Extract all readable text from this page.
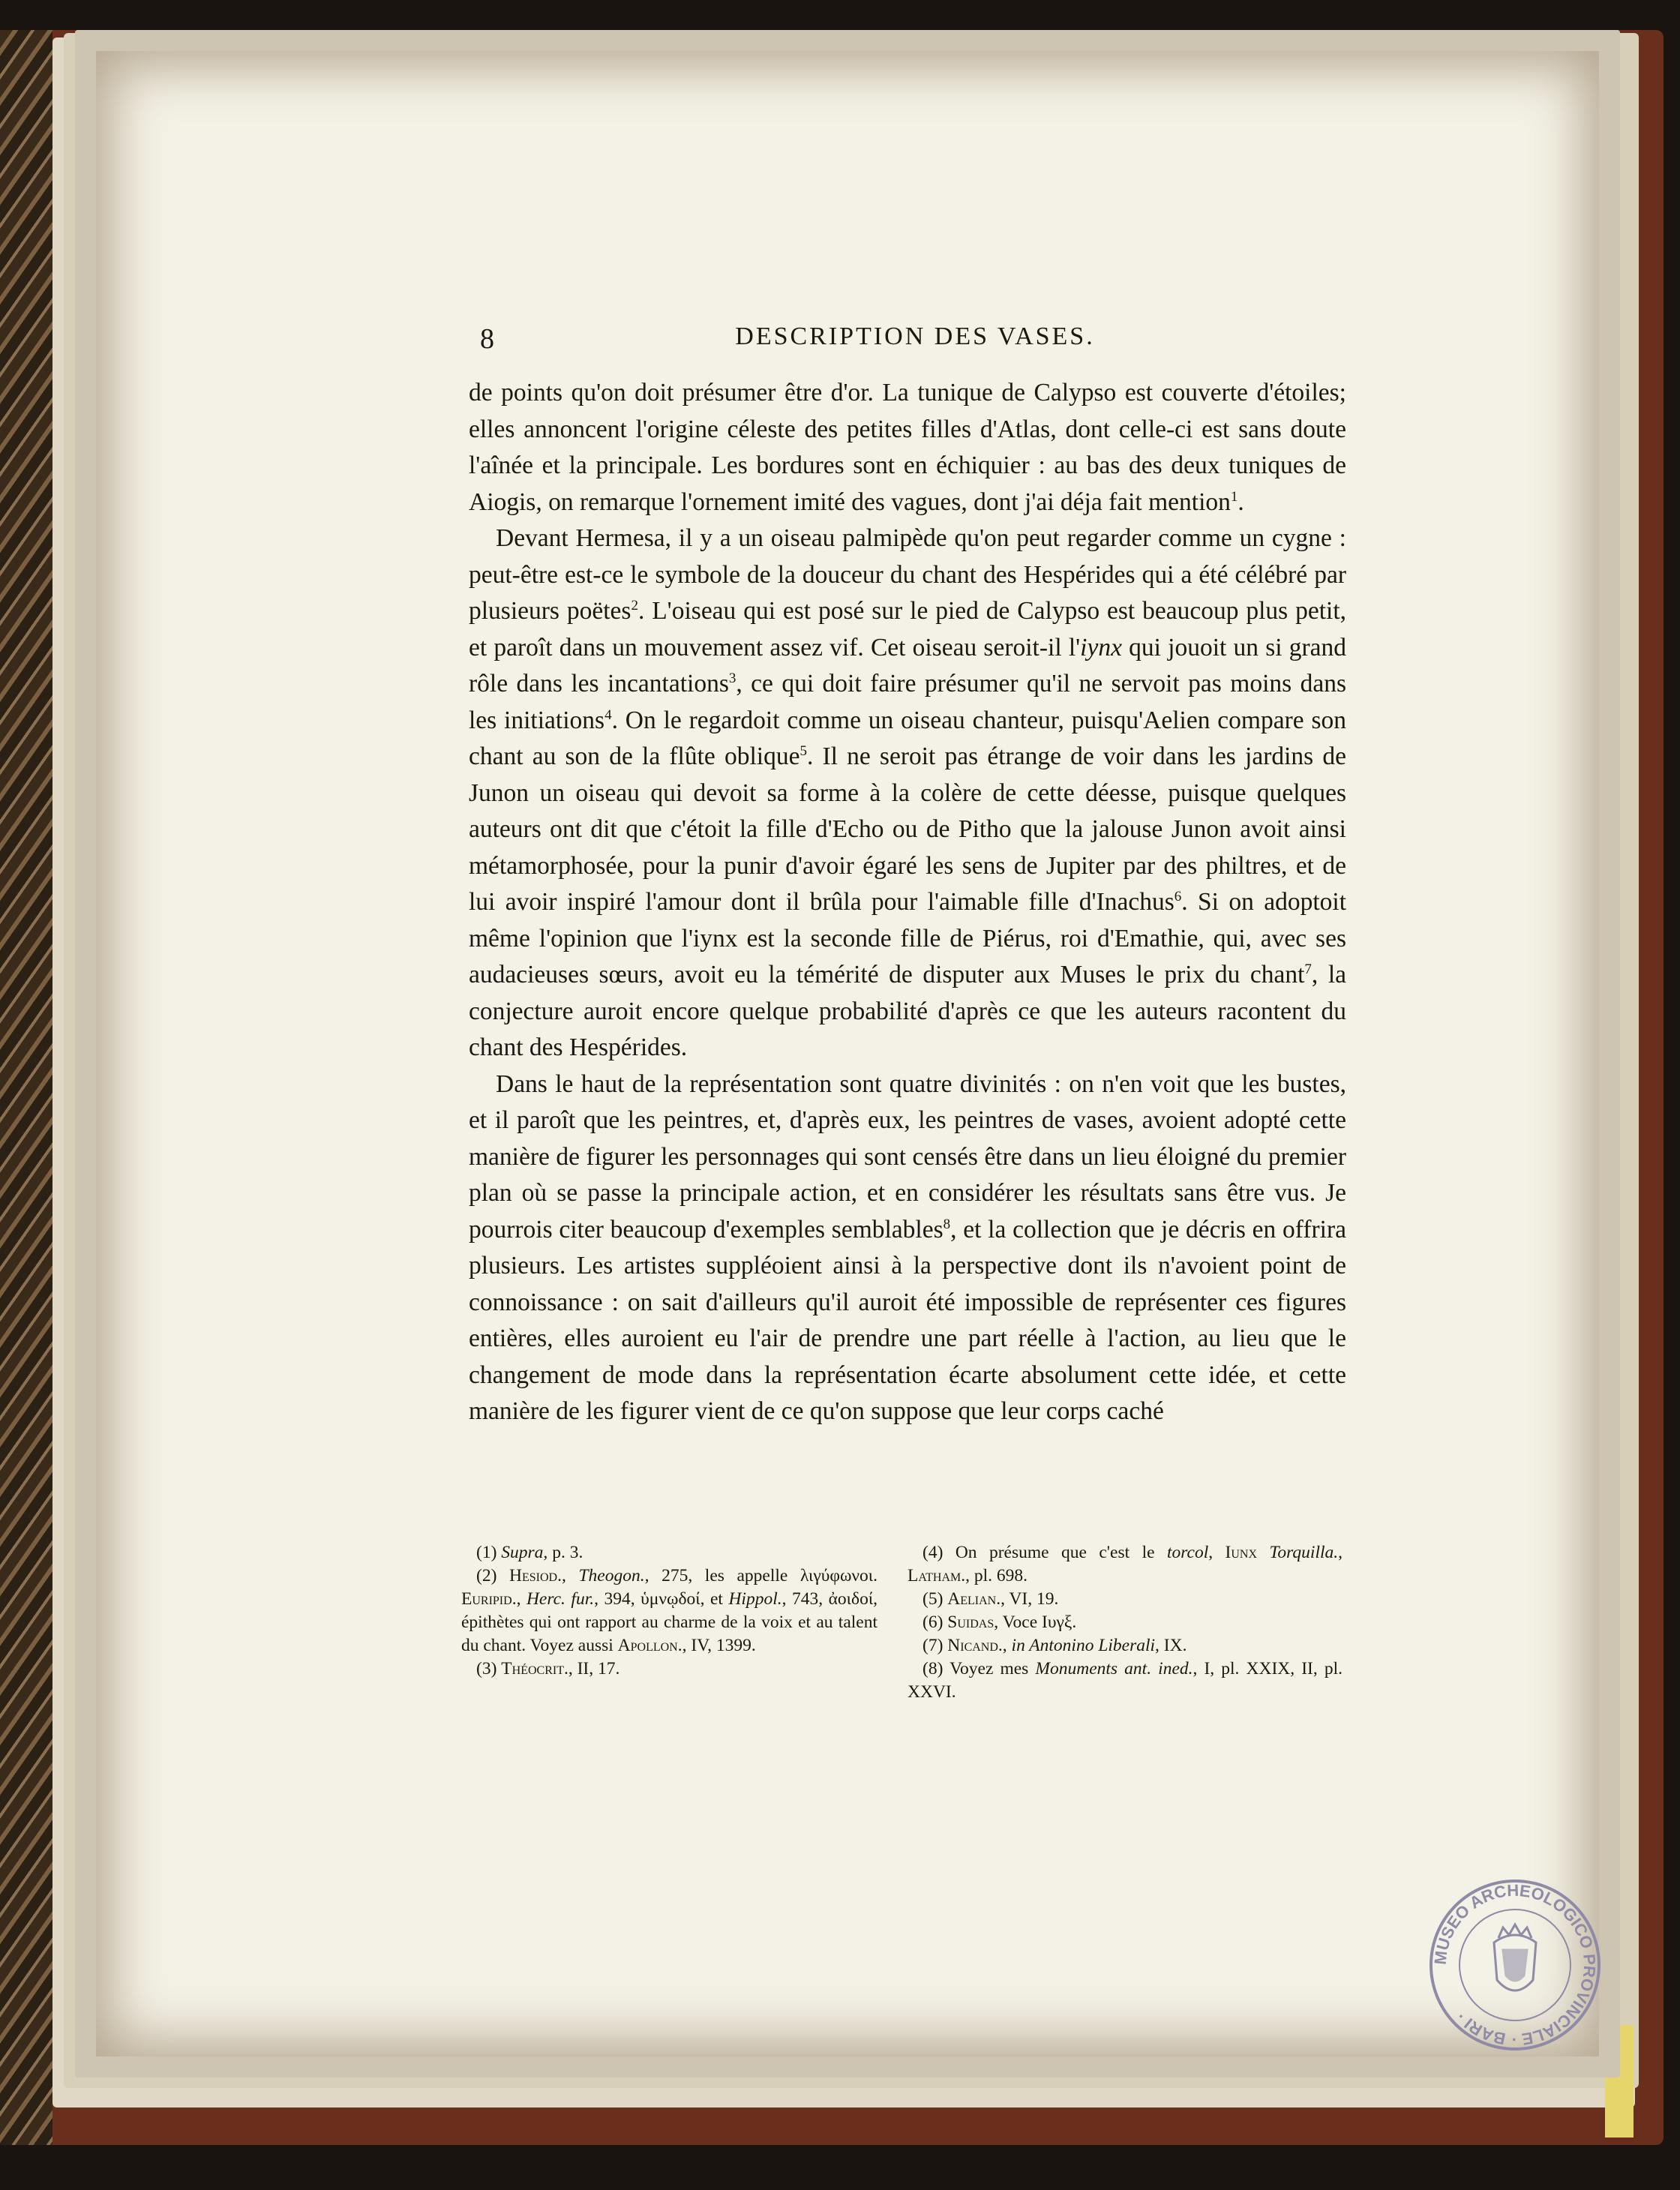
8	DESCRIPTION DES VASES.

de points qu'on doit présumer être d'or. La tunique de Calypso est couverte d'étoiles; elles annoncent l'origine céleste des petites filles d'Atlas, dont celle-ci est sans doute l'aînée et la principale. Les bordures sont en échiquier : au bas des deux tuniques de Aiogis, on remarque l'ornement imité des vagues, dont j'ai déja fait mention$^1$.

Devant Hermesa, il y a un oiseau palmipède qu'on peut regarder comme un cygne : peut-être est-ce le symbole de la douceur du chant des Hespérides qui a été célébré par plusieurs poëtes$^2$. L'oiseau qui est posé sur le pied de Calypso est beaucoup plus petit, et paroît dans un mouvement assez vif. Cet oiseau seroit-il l'iynx qui jouoit un si grand rôle dans les incantations$^3$, ce qui doit faire présumer qu'il ne servoit pas moins dans les initiations$^4$. On le regardoit comme un oiseau chanteur, puisqu'Aelien compare son chant au son de la flûte oblique$^5$. Il ne seroit pas étrange de voir dans les jardins de Junon un oiseau qui devoit sa forme à la colère de cette déesse, puisque quelques auteurs ont dit que c'étoit la fille d'Echo ou de Pitho que la jalouse Junon avoit ainsi métamorphosée, pour la punir d'avoir égaré les sens de Jupiter par des philtres, et de lui avoir inspiré l'amour dont il brûla pour l'aimable fille d'Inachus$^6$. Si on adoptoit même l'opinion que l'iynx est la seconde fille de Piérus, roi d'Emathie, qui, avec ses audacieuses sœurs, avoit eu la témérité de disputer aux Muses le prix du chant$^7$, la conjecture auroit encore quelque probabilité d'après ce que les auteurs racontent du chant des Hespérides.

Dans le haut de la représentation sont quatre divinités : on n'en voit que les bustes, et il paroît que les peintres, et, d'après eux, les peintres de vases, avoient adopté cette manière de figurer les personnages qui sont censés être dans un lieu éloigné du premier plan où se passe la principale action, et en considérer les résultats sans être vus. Je pourrois citer beaucoup d'exemples semblables$^8$, et la collection que je décris en offrira plusieurs. Les artistes suppléoient ainsi à la perspective dont ils n'avoient point de connoissance : on sait d'ailleurs qu'il auroit été impossible de représenter ces figures entières, elles auroient eu l'air de prendre une part réelle à l'action, au lieu que le changement de mode dans la représentation écarte absolument cette idée, et cette manière de les figurer vient de ce qu'on suppose que leur corps caché

(1) Supra, p. 3.
(2) Hesiod., Theogon., 275, les appelle λιγύφωνοι. Euripid., Herc. fur., 394, ὑμνῳδοί, et Hippol., 743, ἀοιδοί, épithètes qui ont rapport au charme de la voix et au talent du chant. Voyez aussi Apollon., IV, 1399.
(3) Théocrit., II, 17.
(4) On présume que c'est le torcol, Iunx Torquilla., Latham., pl. 698.
(5) Aelian., VI, 19.
(6) Suidas, Voce Ιυγξ.
(7) Nicand., in Antonino Liberali, IX.
(8) Voyez mes Monuments ant. ined., I, pl. XXIX, II, pl. XXVI.
MUSEO ARCHEOLOGICO PROVINCIALE · BARI ·
